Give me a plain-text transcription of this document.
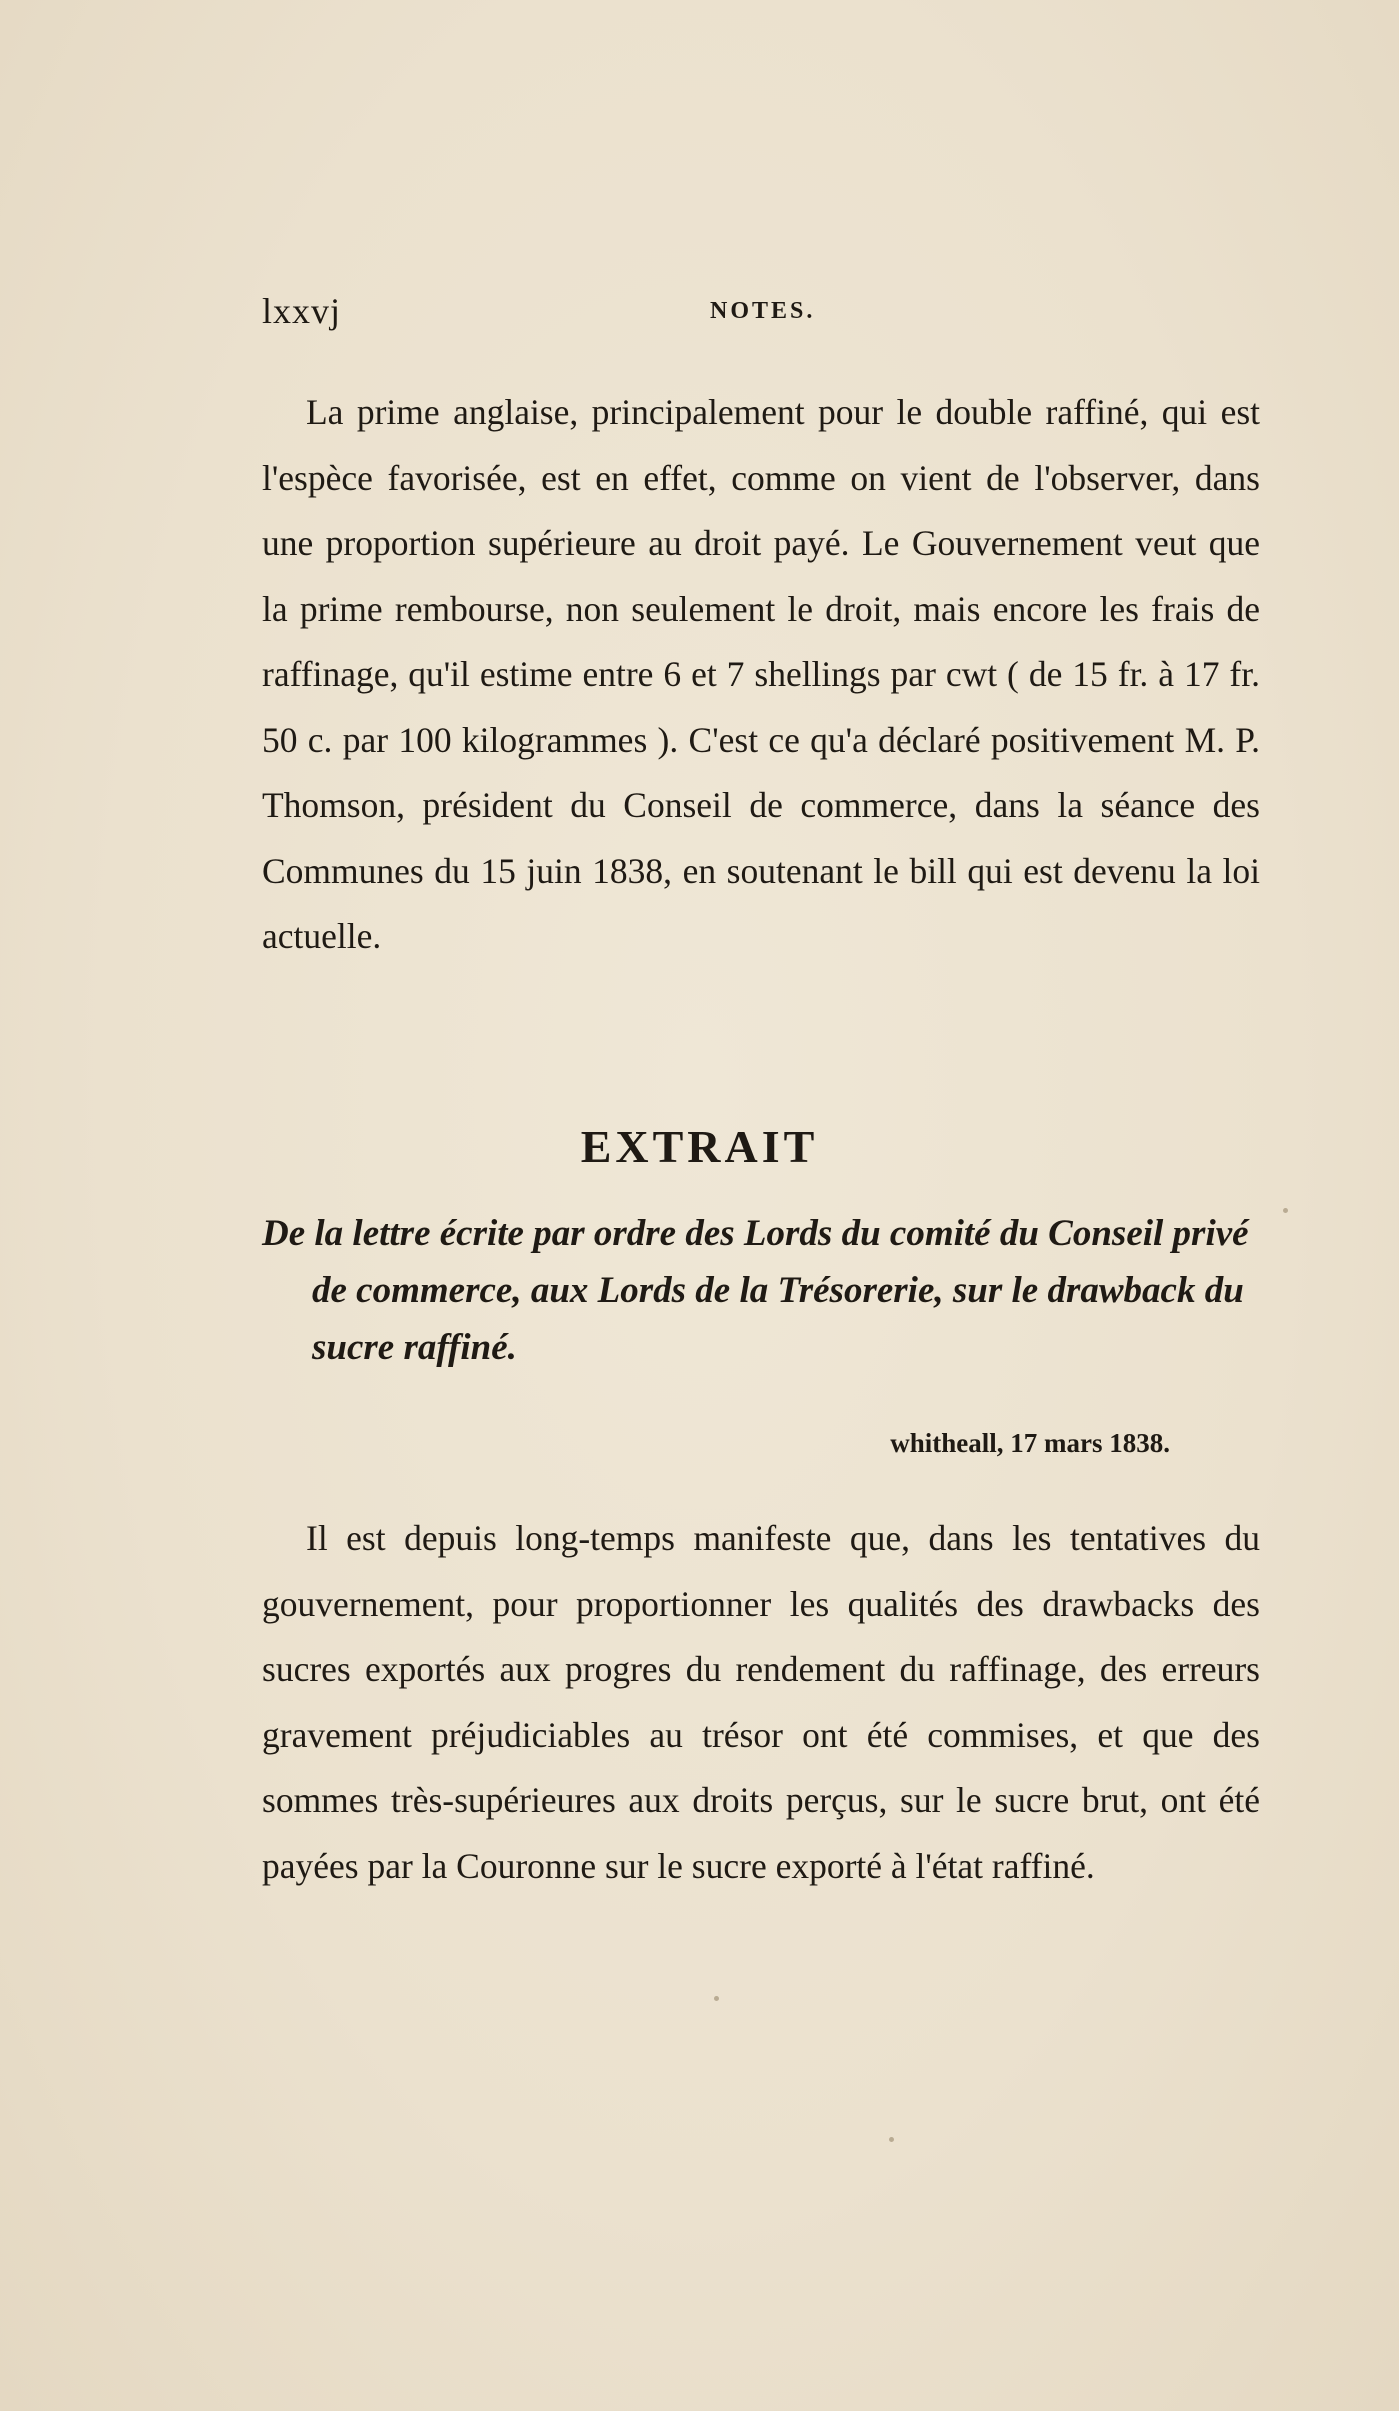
lxxvj	NOTES.

La prime anglaise, principalement pour le double raffiné, qui est l'espèce favorisée, est en effet, comme on vient de l'observer, dans une proportion supérieure au droit payé. Le Gouvernement veut que la prime rembourse, non seulement le droit, mais encore les frais de raffinage, qu'il estime entre 6 et 7 shellings par cwt ( de 15 fr. à 17 fr. 50 c. par 100 kilogrammes ). C'est ce qu'a déclaré positivement M. P. Thomson, président du Conseil de commerce, dans la séance des Communes du 15 juin 1838, en soutenant le bill qui est devenu la loi actuelle.

EXTRAIT

De la lettre écrite par ordre des Lords du comité du Conseil privé de commerce, aux Lords de la Trésorerie, sur le drawback du sucre raffiné.

whitheall, 17 mars 1838.

Il est depuis long-temps manifeste que, dans les tentatives du gouvernement, pour proportionner les qualités des drawbacks des sucres exportés aux progres du rendement du raffinage, des erreurs gravement préjudiciables au trésor ont été commises, et que des sommes très-supérieures aux droits perçus, sur le sucre brut, ont été payées par la Couronne sur le sucre exporté à l'état raffiné.
